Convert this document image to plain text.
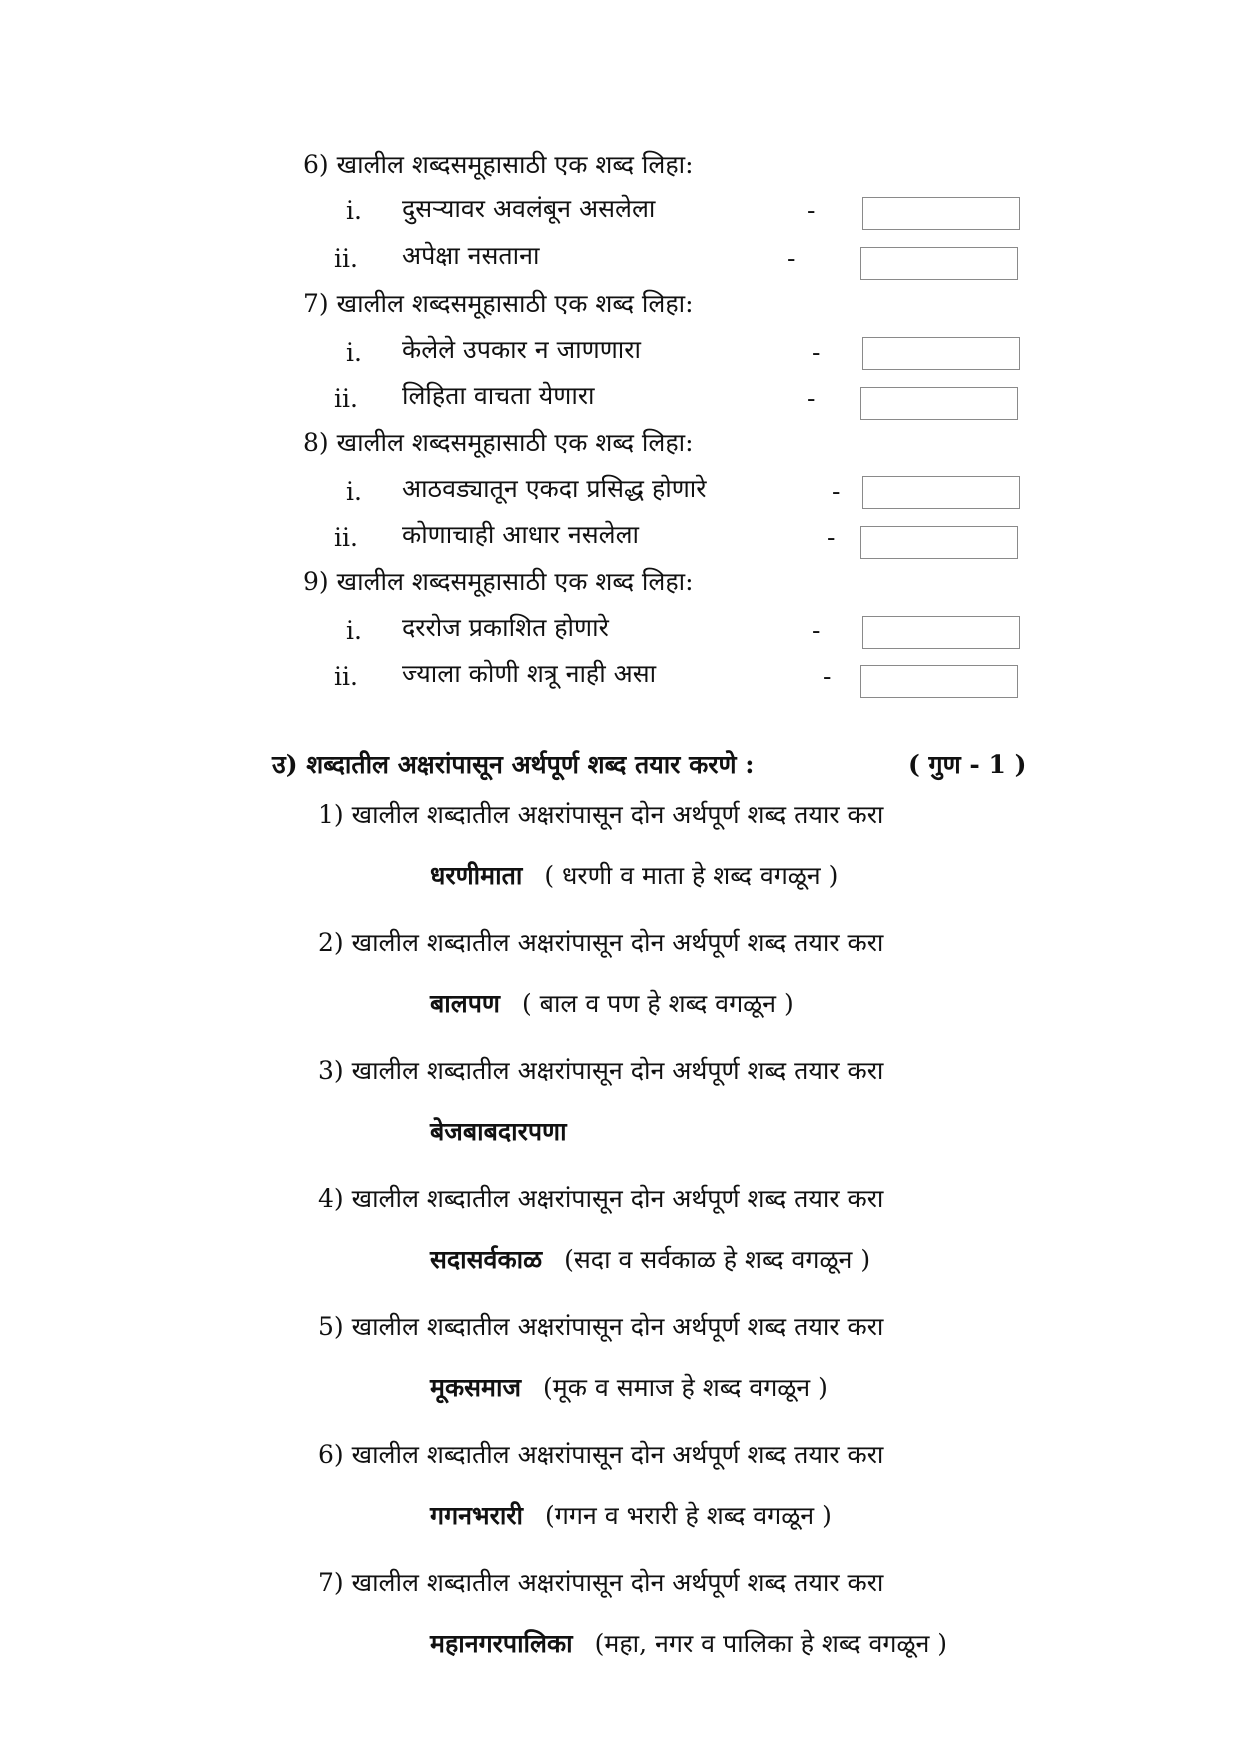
6) खालील शब्दसमूहासाठी एक शब्द लिहा:
i. दुसऱ्यावर अवलंबून असलेला	-
ii. अपेक्षा नसताना	-
7) खालील शब्दसमूहासाठी एक शब्द लिहा:
i. केलेले उपकार न जाणणारा	-
ii. लिहिता वाचता येणारा	-
8) खालील शब्दसमूहासाठी एक शब्द लिहा:
i. आठवड्यातून एकदा प्रसिद्ध होणारे	-
ii. कोणाचाही आधार नसलेला	-
9) खालील शब्दसमूहासाठी एक शब्द लिहा:
i. दररोज प्रकाशित होणारे	-
ii. ज्याला कोणी शत्रू नाही असा	-
उ) शब्दातील अक्षरांपासून अर्थपूर्ण शब्द तयार करणे :	( गुण - 1 )
1) खालील शब्दातील अक्षरांपासून दोन अर्थपूर्ण शब्द तयार करा
धरणीमाता ( धरणी व माता हे शब्द वगळून )
2) खालील शब्दातील अक्षरांपासून दोन अर्थपूर्ण शब्द तयार करा
बालपण ( बाल व पण हे शब्द वगळून )
3) खालील शब्दातील अक्षरांपासून दोन अर्थपूर्ण शब्द तयार करा
बेजबाबदारपणा
4) खालील शब्दातील अक्षरांपासून दोन अर्थपूर्ण शब्द तयार करा
सदासर्वकाळ (सदा व सर्वकाळ हे शब्द वगळून )
5) खालील शब्दातील अक्षरांपासून दोन अर्थपूर्ण शब्द तयार करा
मूकसमाज (मूक व समाज हे शब्द वगळून )
6) खालील शब्दातील अक्षरांपासून दोन अर्थपूर्ण शब्द तयार करा
गगनभरारी (गगन व भरारी हे शब्द वगळून )
7) खालील शब्दातील अक्षरांपासून दोन अर्थपूर्ण शब्द तयार करा
महानगरपालिका (महा, नगर व पालिका हे शब्द वगळून )
